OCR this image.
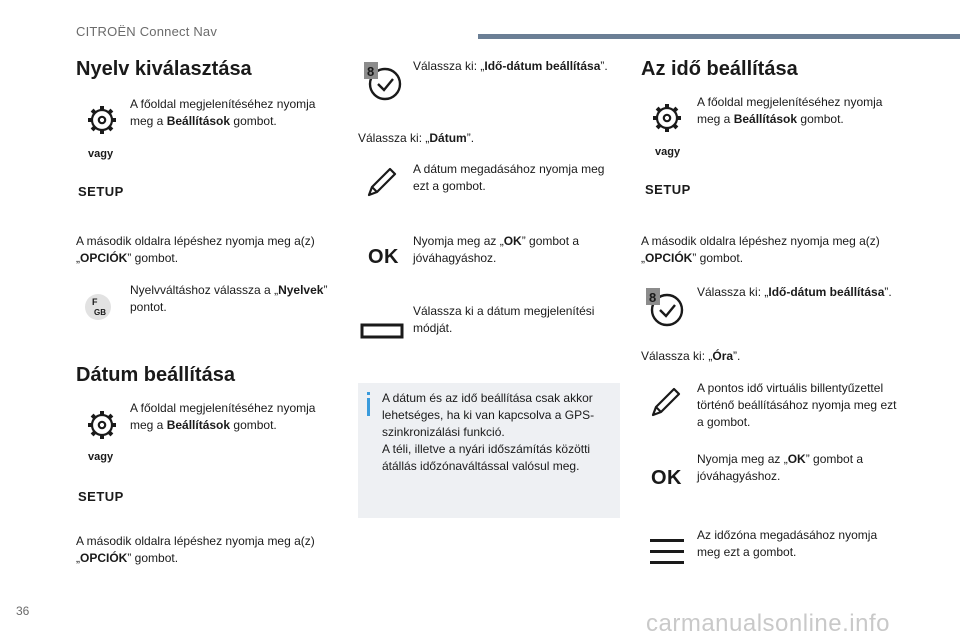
CITROËN Connect Nav
Nyelv kiválasztása
A főoldal megjelenítéséhez nyomja meg a Beállítások gombot.
vagy
SETUP
A második oldalra lépéshez nyomja meg a(z) „OPCIÓK” gombot.
F
GB
Nyelvváltáshoz válassza a „Nyelvek” pontot.
Dátum beállítása
A főoldal megjelenítéséhez nyomja meg a Beállítások gombot.
vagy
SETUP
A második oldalra lépéshez nyomja meg a(z) „OPCIÓK” gombot.
8	Válassza ki: „Idő-dátum beállítása”.
Válassza ki: „Dátum”.
A dátum megadásához nyomja meg ezt a gombot.
OK
Nyomja meg az „OK” gombot a jóváhagyáshoz.
Válassza ki a dátum megjelenítési módját.
A dátum és az idő beállítása csak akkor lehetséges, ha ki van kapcsolva a GPS-szinkronizálási funkció.
A téli, illetve a nyári időszámítás közötti átállás időzónaváltással valósul meg.
Az idő beállítása
A főoldal megjelenítéséhez nyomja meg a Beállítások gombot.
vagy
SETUP
A második oldalra lépéshez nyomja meg a(z) „OPCIÓK” gombot.
8	Válassza ki: „Idő-dátum beállítása”.
Válassza ki: „Óra”.
A pontos idő virtuális billentyűzettel történő beállításához nyomja meg ezt a gombot.
OK
Nyomja meg az „OK” gombot a jóváhagyáshoz.
Az időzóna megadásához nyomja meg ezt a gombot.
36	carmanualsonline.info
